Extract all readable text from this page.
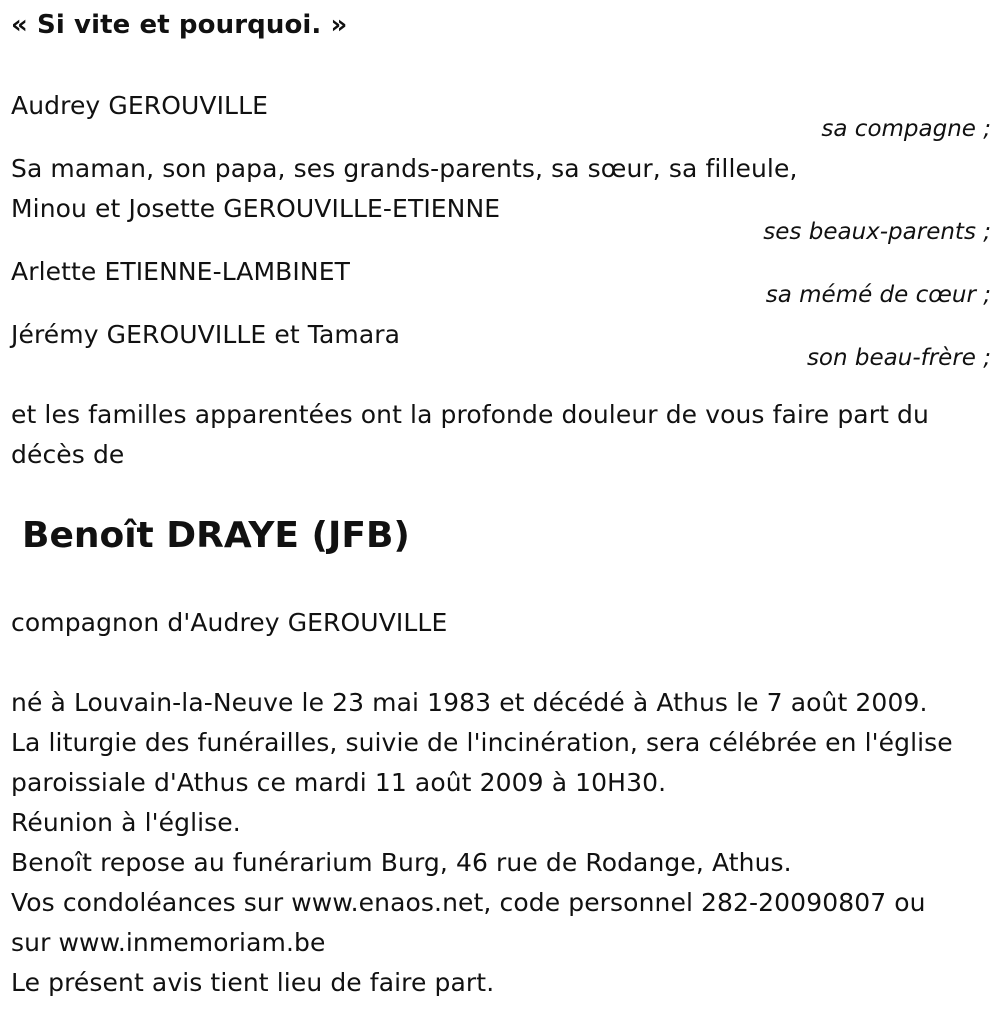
« Si vite et pourquoi. »
Audrey GEROUVILLE
sa compagne ;
Sa maman, son papa, ses grands-parents, sa sœur, sa filleule,
Minou et Josette GEROUVILLE-ETIENNE
ses beaux-parents ;
Arlette ETIENNE-LAMBINET
sa mémé de cœur ;
Jérémy GEROUVILLE et Tamara
son beau-frère ;
et les familles apparentées ont la profonde douleur de vous faire part du
décès de
Benoît DRAYE (JFB)
compagnon d'Audrey GEROUVILLE
né à Louvain-la-Neuve le 23 mai 1983 et décédé à Athus le 7 août 2009.
La liturgie des funérailles, suivie de l'incinération, sera célébrée en l'église
paroissiale d'Athus ce mardi 11 août 2009 à 10H30.
Réunion à l'église.
Benoît repose au funérarium Burg, 46 rue de Rodange, Athus.
Vos condoléances sur www.enaos.net, code personnel 282-20090807 ou
sur www.inmemoriam.be
Le présent avis tient lieu de faire part.
